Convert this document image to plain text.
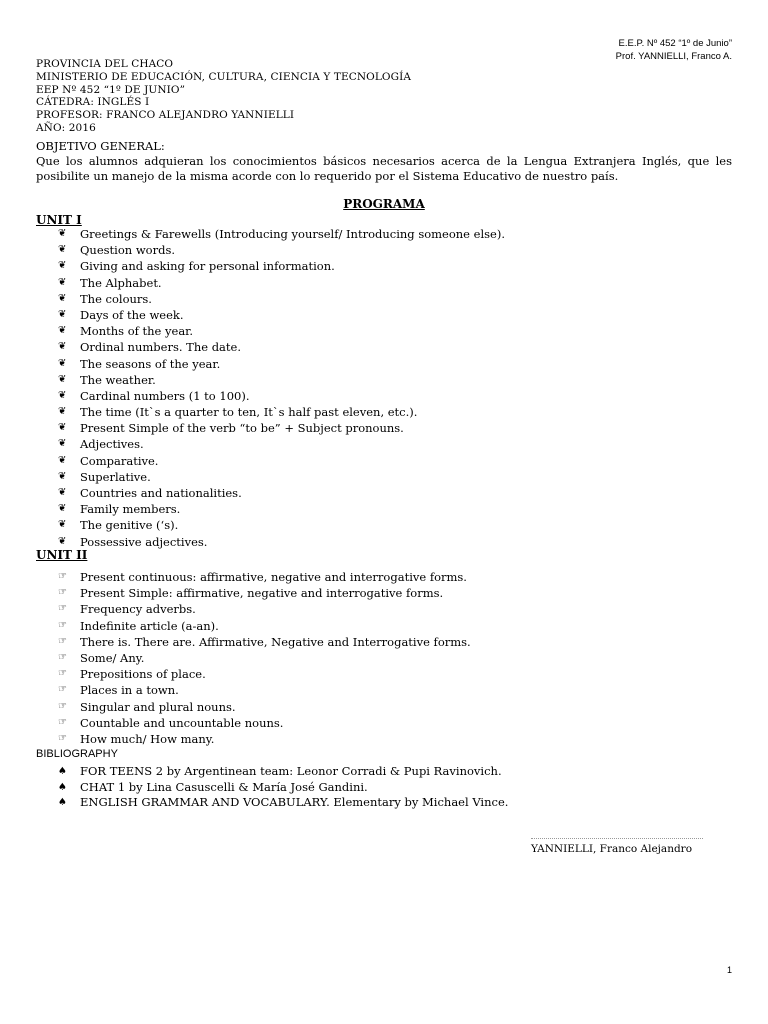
E.E.P. Nº 452 “1º de Junio”
Prof. YANNIELLI, Franco A.
PROVINCIA DEL CHACO
MINISTERIO DE EDUCACIÓN, CULTURA, CIENCIA Y TECNOLOGÍA
EEP Nº 452 “1º DE JUNIO”
CÁTEDRA: INGLÉS I
PROFESOR: FRANCO ALEJANDRO YANNIELLI
AÑO: 2016
OBJETIVO GENERAL:
Que los alumnos adquieran los conocimientos básicos necesarios acerca de la Lengua Extranjera Inglés, que les posibilite un manejo de la misma acorde con lo requerido por el Sistema Educativo de nuestro país.
PROGRAMA
UNIT I
❦	Greetings & Farewells (Introducing yourself/ Introducing someone else).
❦	Question words.
❦	Giving and asking for personal information.
❦	The Alphabet.
❦	The colours.
❦	Days of the week.
❦	Months of the year.
❦	Ordinal numbers. The date.
❦	The seasons of the year.
❦	The weather.
❦	Cardinal numbers (1 to 100).
❦	The time (It`s a quarter to ten, It`s half past eleven, etc.).
❦	Present Simple of the verb “to be” + Subject pronouns.
❦	Adjectives.
❦	Comparative.
❦	Superlative.
❦	Countries and nationalities.
❦	Family members.
❦	The genitive (‘s).
❦	Possessive adjectives.
UNIT II
☞	Present continuous: affirmative, negative and interrogative forms.
☞	Present Simple: affirmative, negative and interrogative forms.
☞	Frequency adverbs.
☞	Indefinite article (a-an).
☞	There is. There are. Affirmative, Negative and Interrogative forms.
☞	Some/ Any.
☞	Prepositions of place.
☞	Places in a town.
☞	Singular and plural nouns.
☞	Countable and uncountable nouns.
☞	How much/ How many.
BIBLIOGRAPHY
♠	FOR TEENS 2 by Argentinean team: Leonor Corradi & Pupi Ravinovich.
♠	CHAT 1 by Lina Casuscelli & María José Gandini.
♠	ENGLISH GRAMMAR AND VOCABULARY. Elementary by Michael Vince.
YANNIELLI, Franco Alejandro
1
